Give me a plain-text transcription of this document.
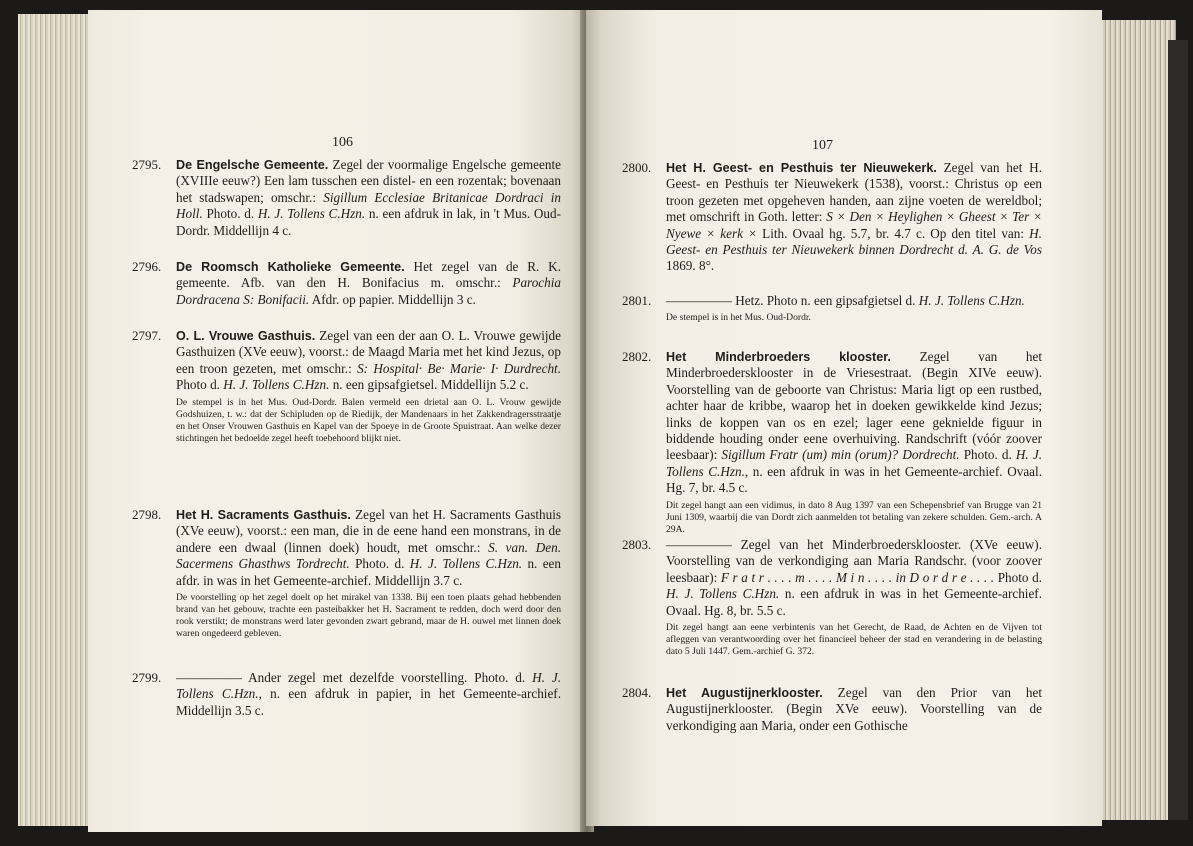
106
2795. De Engelsche Gemeente. Zegel der voormalige Engelsche gemeente (XVIIIe eeuw?) Een lam tusschen een distel- en een rozentak; bovenaan het stadswapen; omschr.: Sigillum Ecclesiae Britanicae Dordraci in Holl. Photo. d. H. J. Tollens C.Hzn. n. een afdruk in lak, in 't Mus. Oud-Dordr. Middellijn 4 c.
2796. De Roomsch Katholieke Gemeente. Het zegel van de R. K. gemeente. Afb. van den H. Bonifacius m. omschr.: Parochia Dordracena S: Bonifacii. Afdr. op papier. Middellijn 3 c.
2797. O. L. Vrouwe Gasthuis. Zegel van een der aan O. L. Vrouwe gewijde Gasthuizen (XVe eeuw), voorst.: de Maagd Maria met het kind Jezus, op een troon gezeten, met omschr.: S: Hospital· Be· Marie· I· Durdrecht. Photo d. H. J. Tollens C.Hzn. n. een gipsafgietsel. Middellijn 5.2 c.
De stempel is in het Mus. Oud-Dordr. Balen vermeld een drietal aan O. L. Vrouw gewijde Godshuizen, t. w.: dat der Schipluden op de Riedijk, der Mandenaars in het Zakkendragersstraatje en het Onser Vrouwen Gasthuis en Kapel van der Spoeye in de Groote Spuistraat. Aan welke dezer stichtingen het bedoelde zegel heeft toebehoord blijkt niet.
2798. Het H. Sacraments Gasthuis. Zegel van het H. Sacraments Gasthuis (XVe eeuw), voorst.: een man, die in de eene hand een monstrans, in de andere een dwaal (linnen doek) houdt, met omschr.: S. van. Den. Sacermens Ghasthws Tordrecht. Photo. d. H. J. Tollens C.Hzn. n. een afdr. in was in het Gemeente-archief. Middellijn 3.7 c.
De voorstelling op het zegel doelt op het mirakel van 1338. Bij een toen plaats gehad hebbenden brand van het gebouw, trachte een pasteibakker het H. Sacrament te redden, doch werd door den rook verstikt; de monstrans werd later gevonden zwart gebrand, maar de H. ouwel met linnen doek waren ongedeerd gebleven.
2799. ————— Ander zegel met dezelfde voorstelling. Photo. d. H. J. Tollens C.Hzn., n. een afdruk in papier, in het Gemeente-archief. Middellijn 3.5 c.
107
2800. Het H. Geest- en Pesthuis ter Nieuwekerk. Zegel van het H. Geest- en Pesthuis ter Nieuwekerk (1538), voorst.: Christus op een troon gezeten met opgeheven handen, aan zijne voeten de wereldbol; met omschrift in Goth. letter: S × Den × Heylighen × Gheest × Ter × Nyewe × kerk × Lith. Ovaal hg. 5.7, br. 4.7 c. Op den titel van: H. Geest- en Pesthuis ter Nieuwekerk binnen Dordrecht d. A. G. de Vos 1869. 8°.
2801. ————— Hetz. Photo n. een gipsafgietsel d. H. J. Tollens C.Hzn.
De stempel is in het Mus. Oud-Dordr.
2802. Het Minderbroeders klooster. Zegel van het Minderbroedersklooster in de Vriesestraat. (Begin XIVe eeuw). Voorstelling van de geboorte van Christus: Maria ligt op een rustbed, achter haar de kribbe, waarop het in doeken gewikkelde kind Jezus; links de koppen van os en ezel; lager eene geknielde figuur in biddende houding onder eene overhuiving. Randschrift (vóór zoover leesbaar): Sigillum Fratr (um) min (orum)? Dordrecht. Photo. d. H. J. Tollens C.Hzn., n. een afdruk in was in het Gemeente-archief. Ovaal. Hg. 7, br. 4.5 c.
Dit zegel hangt aan een vidimus, in dato 8 Aug 1397 van een Schepensbrief van Brugge van 21 Juni 1309, waarbij die van Dordt zich aanmelden tot betaling van zekere schulden. Gem.-arch. A 29A.
2803. ————— Zegel van het Minderbroedersklooster. (XVe eeuw). Voorstelling van de verkondiging aan Maria Randschr. (voor zoover leesbaar): F r a t r . . . . m . . . . M i n . . . . in D o r d r e . . . . Photo d. H. J. Tollens C.Hzn. n. een afdruk in was in het Gemeente-archief. Ovaal. Hg. 8, br. 5.5 c.
Dit zegel hangt aan eene verbintenis van het Gerecht, de Raad, de Achten en de Vijven tot afleggen van verantwoording over het financieel beheer der stad en verandering in de belasting dato 5 Juli 1447. Gem.-archief G. 372.
2804. Het Augustijnerklooster. Zegel van den Prior van het Augustijnerklooster. (Begin XVe eeuw). Voorstelling van de verkondiging aan Maria, onder een Gothische
